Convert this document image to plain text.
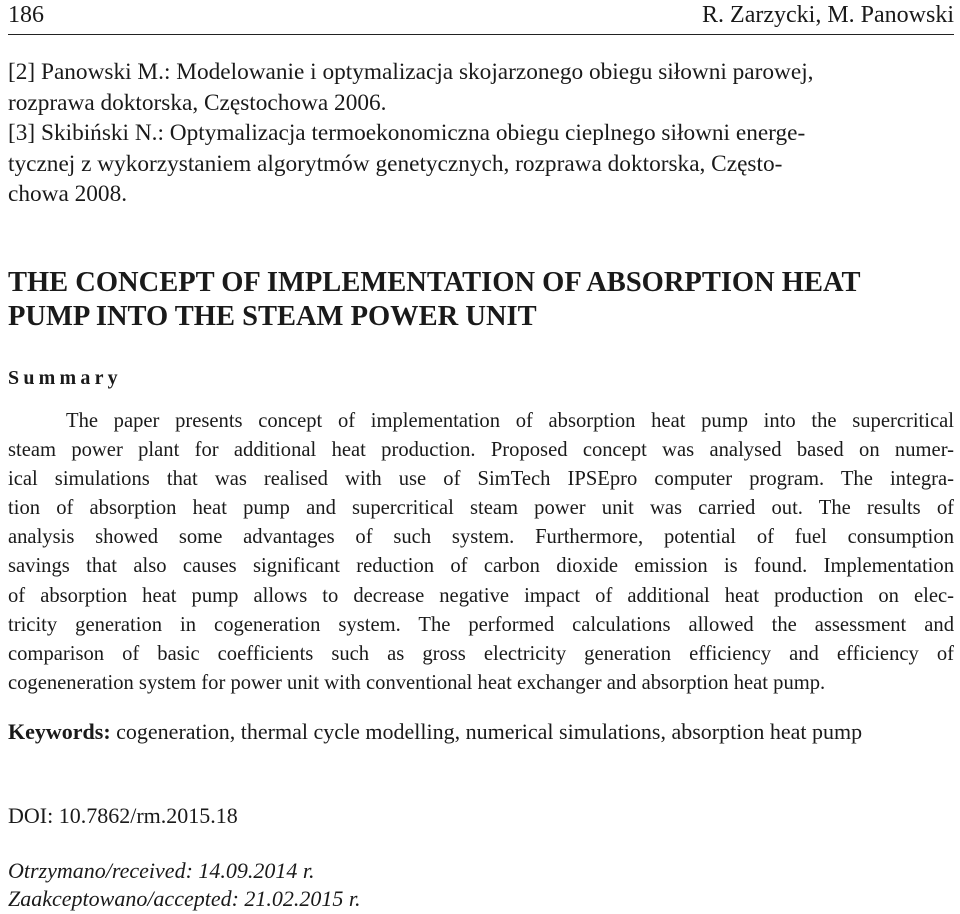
186	R. Zarzycki, M. Panowski
[2] Panowski M.: Modelowanie i optymalizacja skojarzonego obiegu siłowni parowej,
rozprawa doktorska, Częstochowa 2006.
[3] Skibiński N.: Optymalizacja termoekonomiczna obiegu cieplnego siłowni energe-
tycznej z wykorzystaniem algorytmów genetycznych, rozprawa doktorska, Często-
chowa 2008.
THE CONCEPT OF IMPLEMENTATION OF ABSORPTION HEAT
PUMP INTO THE STEAM POWER UNIT
Summary
The paper presents concept of implementation of absorption heat pump into the supercritical
steam power plant for additional heat production. Proposed concept was analysed based on numer-
ical simulations that was realised with use of SimTech IPSEpro computer program. The integra-
tion of absorption heat pump and supercritical steam power unit was carried out. The results of
analysis showed some advantages of such system. Furthermore, potential of fuel consumption
savings that also causes significant reduction of carbon dioxide emission is found. Implementation
of absorption heat pump allows to decrease negative impact of additional heat production on elec-
tricity generation in cogeneration system. The performed calculations allowed the assessment and
comparison of basic coefficients such as gross electricity generation efficiency and efficiency of
cogeneneration system for power unit with conventional heat exchanger and absorption heat pump.
Keywords: cogeneration, thermal cycle modelling, numerical simulations, absorption heat pump
DOI: 10.7862/rm.2015.18
Otrzymano/received: 14.09.2014 r.
Zaakceptowano/accepted: 21.02.2015 r.
